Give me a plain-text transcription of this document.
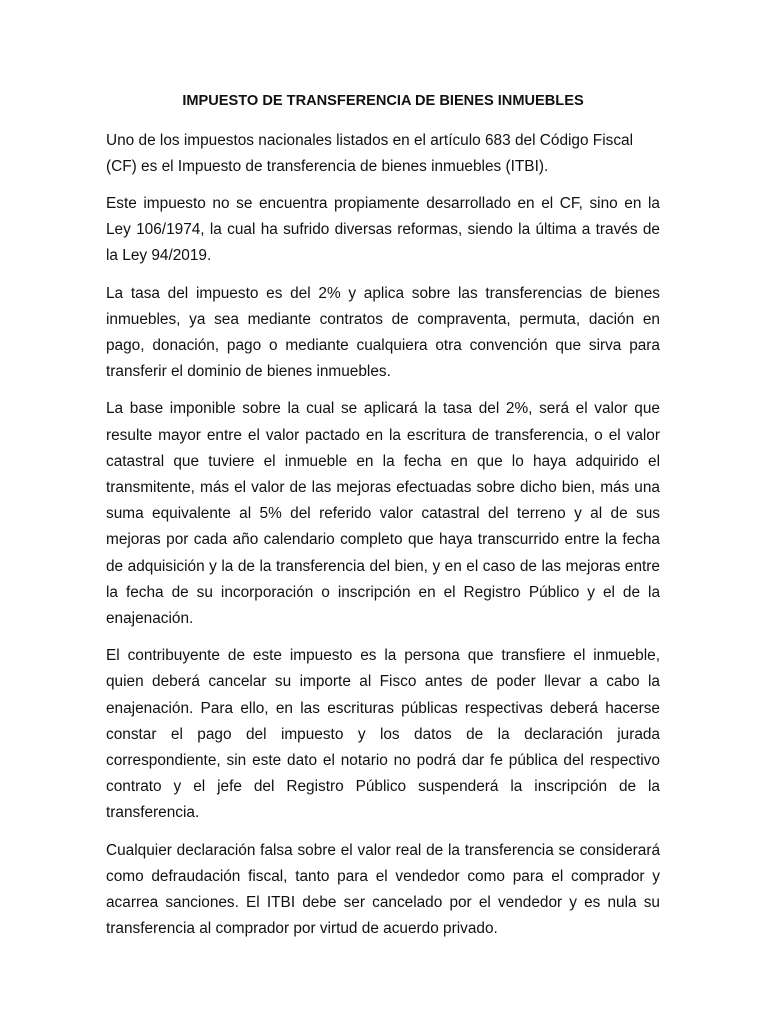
IMPUESTO DE TRANSFERENCIA DE BIENES INMUEBLES

Uno de los impuestos nacionales listados en el artículo 683 del Código Fiscal (CF) es el Impuesto de transferencia de bienes inmuebles (ITBI).

Este impuesto no se encuentra propiamente desarrollado en el CF, sino en la Ley 106/1974, la cual ha sufrido diversas reformas, siendo la última a través de la Ley 94/2019.

La tasa del impuesto es del 2% y aplica sobre las transferencias de bienes inmuebles, ya sea mediante contratos de compraventa, permuta, dación en pago, donación, pago o mediante cualquiera otra convención que sirva para transferir el dominio de bienes inmuebles.

La base imponible sobre la cual se aplicará la tasa del 2%, será el valor que resulte mayor entre el valor pactado en la escritura de transferencia, o el valor catastral que tuviere el inmueble en la fecha en que lo haya adquirido el transmitente, más el valor de las mejoras efectuadas sobre dicho bien, más una suma equivalente al 5% del referido valor catastral del terreno y al de sus mejoras por cada año calendario completo que haya transcurrido entre la fecha de adquisición y la de la transferencia del bien, y en el caso de las mejoras entre la fecha de su incorporación o inscripción en el Registro Público y el de la enajenación.

El contribuyente de este impuesto es la persona que transfiere el inmueble, quien deberá cancelar su importe al Fisco antes de poder llevar a cabo la enajenación. Para ello, en las escrituras públicas respectivas deberá hacerse constar el pago del impuesto y los datos de la declaración jurada correspondiente, sin este dato el notario no podrá dar fe pública del respectivo contrato y el jefe del Registro Público suspenderá la inscripción de la transferencia.

Cualquier declaración falsa sobre el valor real de la transferencia se considerará como defraudación fiscal, tanto para el vendedor como para el comprador y acarrea sanciones. El ITBI debe ser cancelado por el vendedor y es nula su transferencia al comprador por virtud de acuerdo privado.
